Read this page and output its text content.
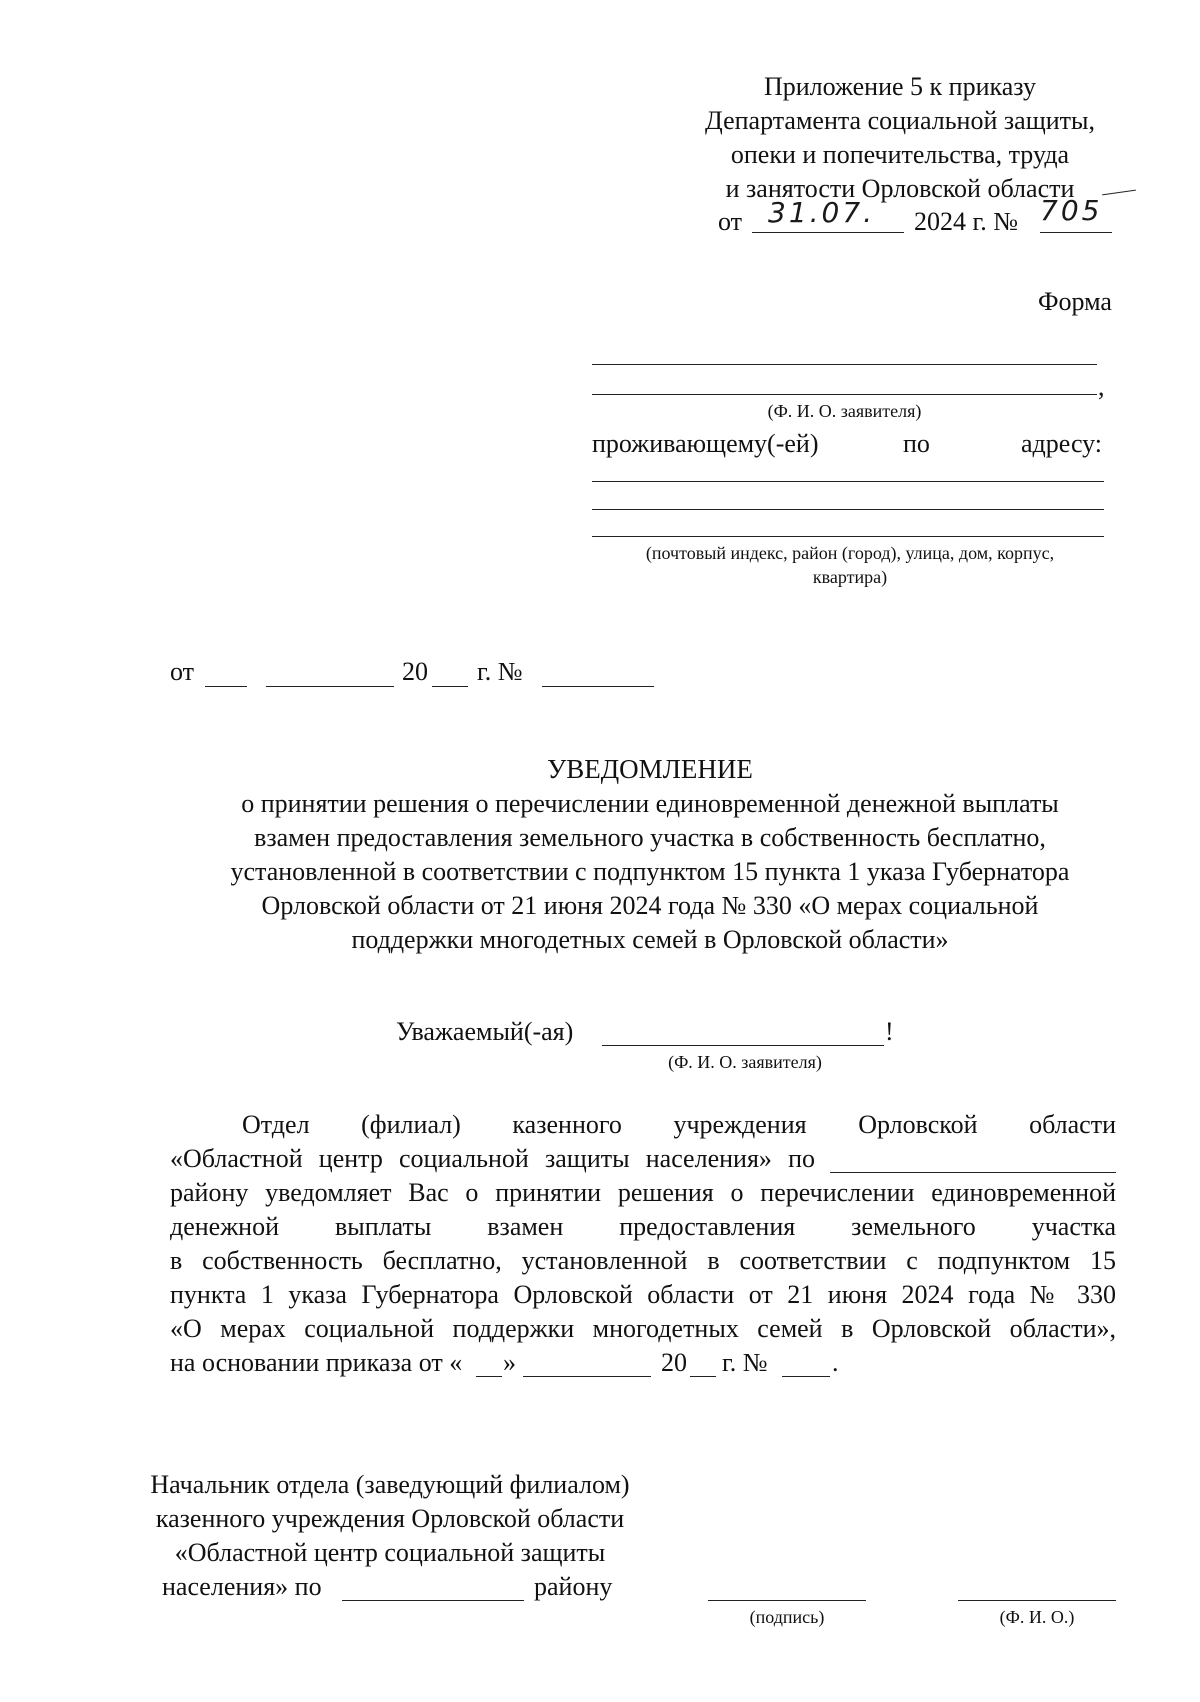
Приложение 5 к приказу
Департамента социальной защиты,
опеки и попечительства, труда
и занятости Орловской области
от 31.07. 2024 г. № 705
Форма
,
(Ф. И. О. заявителя)
проживающему(-ей)	по	адресу:
(почтовый индекс, район (город), улица, дом, корпус,
квартира)
от	20 г. №
УВЕДОМЛЕНИЕ
о принятии решения о перечислении единовременной денежной выплаты
взамен предоставления земельного участка в собственность бесплатно,
установленной в соответствии с подпунктом 15 пункта 1 указа Губернатора
Орловской области от 21 июня 2024 года № 330 «О мерах социальной
поддержки многодетных семей в Орловской области»
Уважаемый(-ая)	!
(Ф. И. О. заявителя)
Отдел (филиал) казенного учреждения Орловской области
«Областной центр социальной защиты населения» по
району уведомляет Вас о принятии решения о перечислении единовременной
денежной выплаты взамен предоставления земельного участка
в собственность бесплатно, установленной в соответствии с подпунктом 15
пункта 1 указа Губернатора Орловской области от 21 июня 2024 года № 330
«О мерах социальной поддержки многодетных семей в Орловской области»,
на основании приказа от « »	20 г. № .
Начальник отдела (заведующий филиалом)
казенного учреждения Орловской области
«Областной центр социальной защиты
населения» по	району
(подпись)	(Ф. И. О.)
